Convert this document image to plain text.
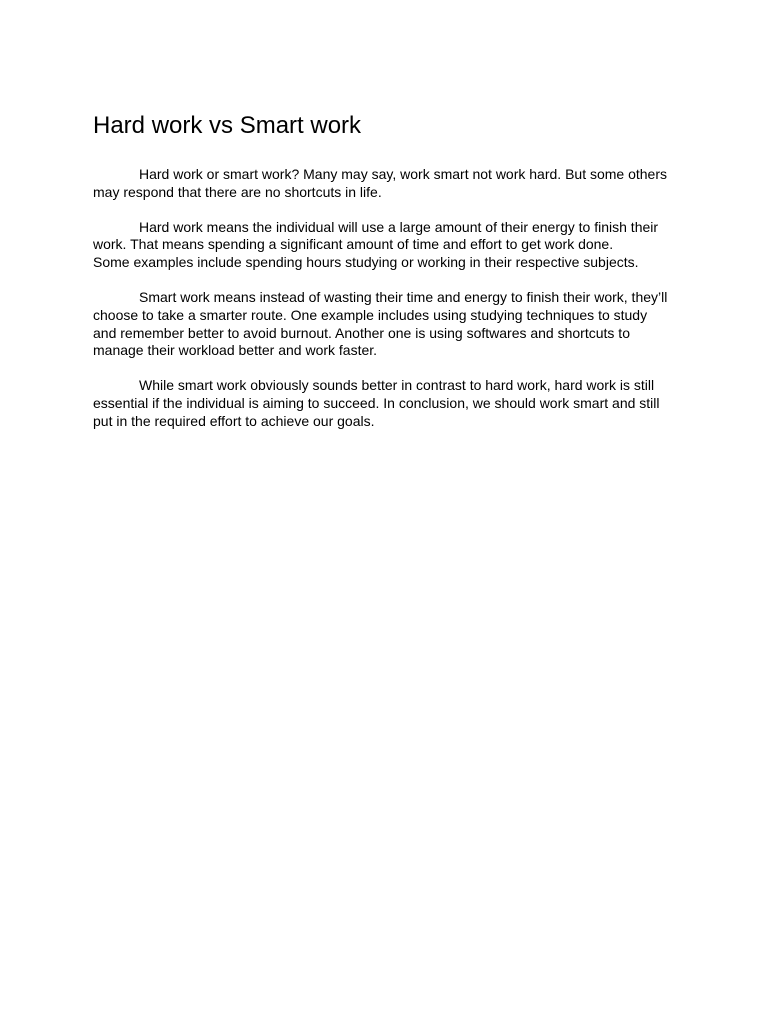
Hard work vs Smart work

Hard work or smart work? Many may say, work smart not work hard. But some others
may respond that there are no shortcuts in life.

Hard work means the individual will use a large amount of their energy to finish their
work. That means spending a significant amount of time and effort to get work done.
Some examples include spending hours studying or working in their respective subjects.

Smart work means instead of wasting their time and energy to finish their work, they’ll
choose to take a smarter route. One example includes using studying techniques to study
and remember better to avoid burnout. Another one is using softwares and shortcuts to
manage their workload better and work faster.

While smart work obviously sounds better in contrast to hard work, hard work is still
essential if the individual is aiming to succeed. In conclusion, we should work smart and still
put in the required effort to achieve our goals.
